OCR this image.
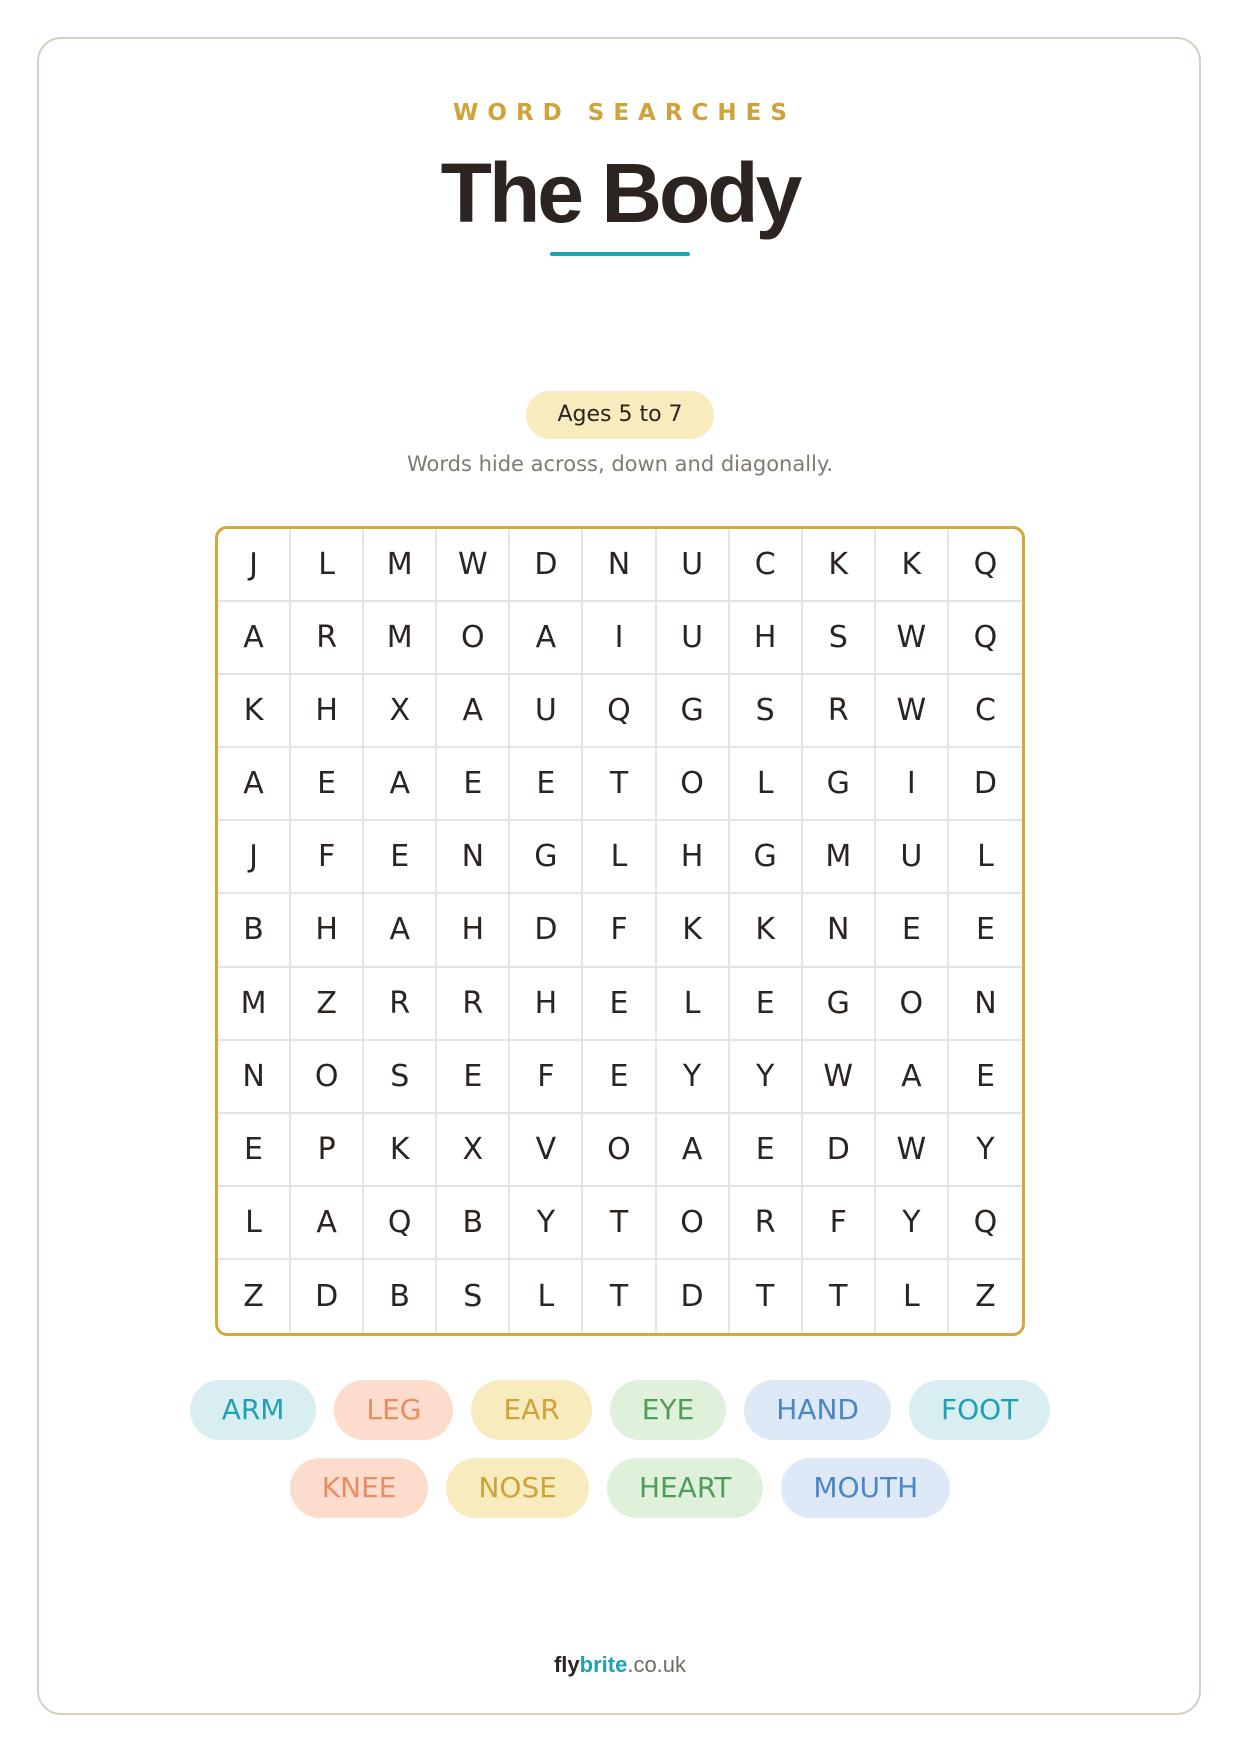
WORD SEARCHES
The Body
Ages 5 to 7
Words hide across, down and diagonally.
J	L	M	W	D	N	U	C	K	K	Q
A	R	M	O	A	I	U	H	S	W	Q
K	H	X	A	U	Q	G	S	R	W	C
A	E	A	E	E	T	O	L	G	I	D
J	F	E	N	G	L	H	G	M	U	L
B	H	A	H	D	F	K	K	N	E	E
M	Z	R	R	H	E	L	E	G	O	N
N	O	S	E	F	E	Y	Y	W	A	E
E	P	K	X	V	O	A	E	D	W	Y
L	A	Q	B	Y	T	O	R	F	Y	Q
Z	D	B	S	L	T	D	T	T	L	Z
ARM	LEG	EAR	EYE	HAND	FOOT
KNEE	NOSE	HEART	MOUTH
flybrite.co.uk
